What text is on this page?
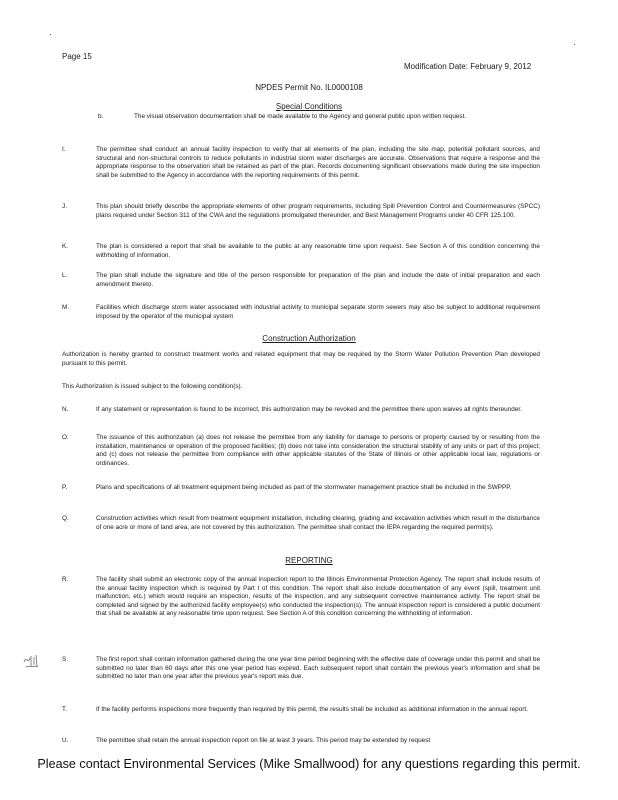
Page 15
Modification Date: February 9, 2012
NPDES Permit No. IL0000108
Special Conditions
b.	The visual observation documentation shall be made available to the Agency and general public upon written request.
I.	The permittee shall conduct an annual facility inspection to verify that all elements of the plan, including the site map, potential pollutant sources, and structural and non-structural controls to reduce pollutants in industrial storm water discharges are accurate. Observations that require a response and the appropriate response to the observation shall be retained as part of the plan. Records documenting significant observations made during the site inspection shall be submitted to the Agency in accordance with the reporting requirements of this permit.
J.	This plan should briefly describe the appropriate elements of other program requirements, including Spill Prevention Control and Countermeasures (SPCC) plans required under Section 311 of the CWA and the regulations promulgated thereunder, and Best Management Programs under 40 CFR 125.100.
K.	The plan is considered a report that shall be available to the public at any reasonable time upon request. See Section A of this condition concerning the withholding of information.
L.	The plan shall include the signature and title of the person responsible for preparation of the plan and include the date of initial preparation and each amendment thereto.
M.	Facilities which discharge storm water associated with industrial activity to municipal separate storm sewers may also be subject to additional requirement imposed by the operator of the municipal system
Construction Authorization
Authorization is hereby granted to construct treatment works and related equipment that may be required by the Storm Water Pollution Prevention Plan developed pursuant to this permit.
This Authorization is issued subject to the following condition(s).
N.	If any statement or representation is found to be incorrect, this authorization may be revoked and the permittee there upon waives all rights thereunder.
O.	The issuance of this authorization (a) does not release the permittee from any liability for damage to persons or property caused by or resulting from the installation, maintenance or operation of the proposed facilities; (b) does not take into consideration the structural stability of any units or part of this project; and (c) does not release the permittee from compliance with other applicable statutes of the State of Illinois or other applicable local law, regulations or ordinances.
P.	Plans and specifications of all treatment equipment being included as part of the stormwater management practice shall be included in the SWPPP.
Q.	Construction activities which result from treatment equipment installation, including clearing, grading and excavation activities which result in the disturbance of one acre or more of land area, are not covered by this authorization. The permittee shall contact the IEPA regarding the required permit(s).
REPORTING
R.	The facility shall submit an electronic copy of the annual inspection report to the Illinois Environmental Protection Agency. The report shall include results of the annual facility inspection which is required by Part I of this condition. The report shall also include documentation of any event (spill, treatment unit malfunction, etc.) which would require an inspection, results of the inspection, and any subsequent corrective maintenance activity. The report shall be completed and signed by the authorized facility employee(s) who conducted the inspection(s). The annual inspection report is considered a public document that shall be available at any reasonable time upon request. See Section A of this condition concerning the withholding of information.
S.	The first report shall contain information gathered during the one year time period beginning with the effective date of coverage under this permit and shall be submitted no later than 60 days after this one year period has expired. Each subsequent report shall contain the previous year's information and shall be submitted no later than one year after the previous year's report was due.
T.	If the facility performs inspections more frequently than required by this permit, the results shall be included as additional information in the annual report.
U.	The permittee shall retain the annual inspection report on file at least 3 years. This period may be extended by request
Please contact Environmental Services (Mike Smallwood) for any questions regarding this permit.
